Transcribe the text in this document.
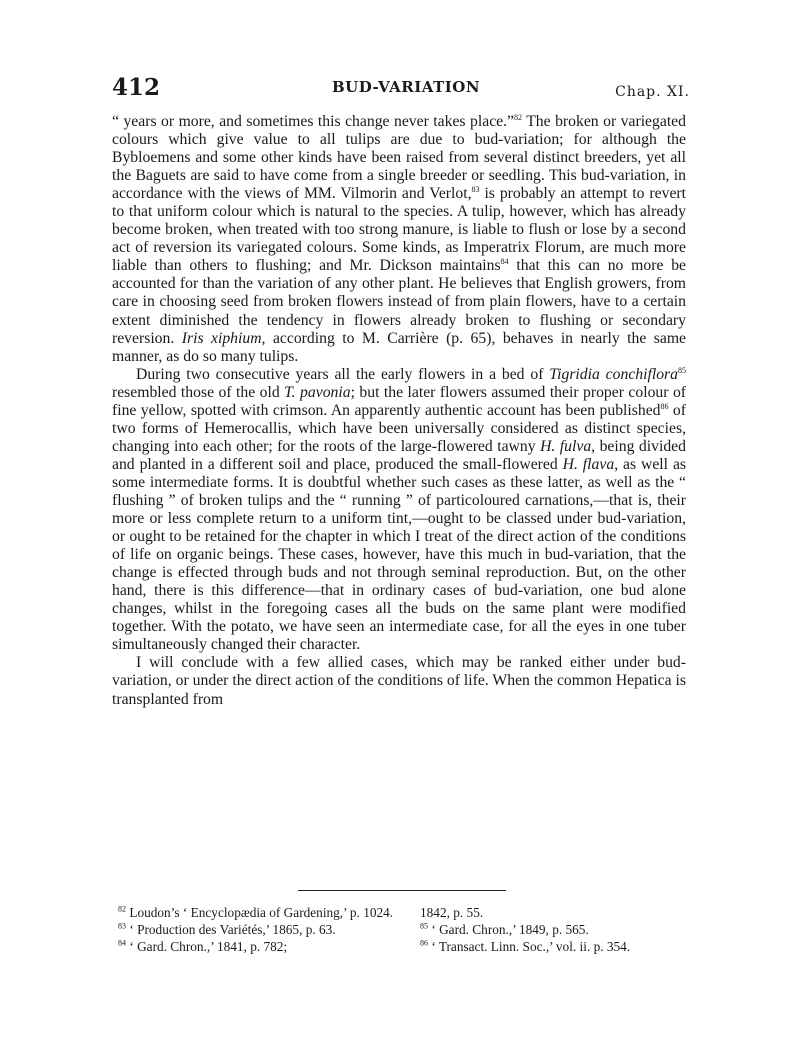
412	BUD-VARIATION	Chap. XI.

“ years or more, and sometimes this change never takes place.”$^{82}$ The broken or variegated colours which give value to all tulips are due to bud-variation; for although the Bybloemens and some other kinds have been raised from several distinct breeders, yet all the Baguets are said to have come from a single breeder or seedling. This bud-variation, in accordance with the views of MM. Vilmorin and Verlot,$^{83}$ is probably an attempt to revert to that uniform colour which is natural to the species. A tulip, however, which has already become broken, when treated with too strong manure, is liable to flush or lose by a second act of reversion its variegated colours. Some kinds, as Imperatrix Florum, are much more liable than others to flushing; and Mr. Dickson maintains$^{84}$ that this can no more be accounted for than the variation of any other plant. He believes that English growers, from care in choosing seed from broken flowers instead of from plain flowers, have to a certain extent diminished the tendency in flowers already broken to flushing or secondary reversion. Iris xiphium, according to M. Carrière (p. 65), behaves in nearly the same manner, as do so many tulips.

During two consecutive years all the early flowers in a bed of Tigridia conchiflora$^{85}$ resembled those of the old T. pavonia; but the later flowers assumed their proper colour of fine yellow, spotted with crimson. An apparently authentic account has been published$^{86}$ of two forms of Hemerocallis, which have been universally considered as distinct species, changing into each other; for the roots of the large-flowered tawny H. fulva, being divided and planted in a different soil and place, produced the small-flowered H. flava, as well as some intermediate forms. It is doubtful whether such cases as these latter, as well as the “ flushing ” of broken tulips and the “ running ” of particoloured carnations,—that is, their more or less complete return to a uniform tint,—ought to be classed under bud-variation, or ought to be retained for the chapter in which I treat of the direct action of the conditions of life on organic beings. These cases, however, have this much in bud-variation, that the change is effected through buds and not through seminal reproduction. But, on the other hand, there is this difference—that in ordinary cases of bud-variation, one bud alone changes, whilst in the foregoing cases all the buds on the same plant were modified together. With the potato, we have seen an intermediate case, for all the eyes in one tuber simultaneously changed their character.

I will conclude with a few allied cases, which may be ranked either under bud-variation, or under the direct action of the conditions of life. When the common Hepatica is transplanted from

$^{82}$ Loudon’s ‘ Encyclopædia of Gardening,’ p. 1024.
$^{83}$ ‘ Production des Variétés,’ 1865, p. 63.
$^{84}$ ‘ Gard. Chron.,’ 1841, p. 782;
1842, p. 55.
$^{85}$ ‘ Gard. Chron.,’ 1849, p. 565.
$^{86}$ ‘ Transact. Linn. Soc.,’ vol. ii. p. 354.
